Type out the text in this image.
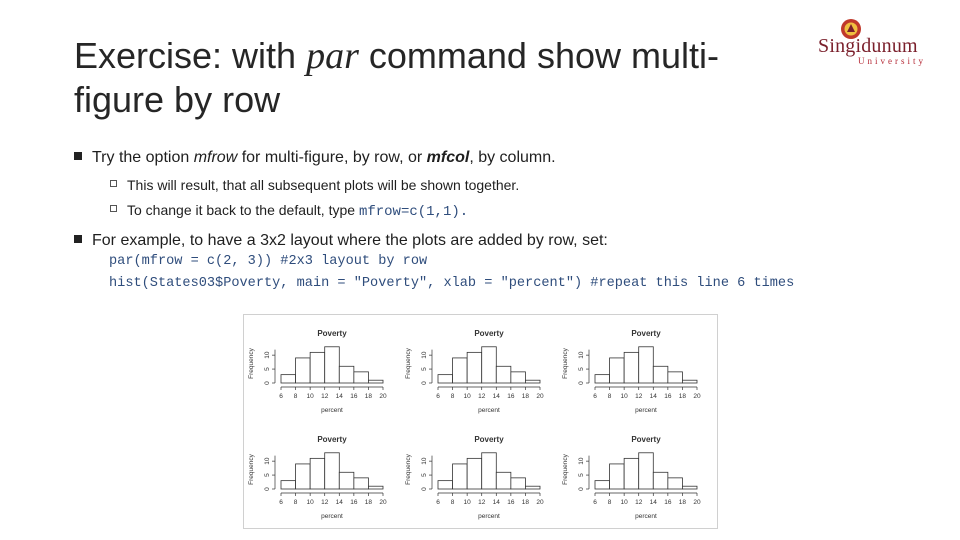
Exercise: with par command show multi-figure by row
Singidunum
University
Try the option mfrow for multi-figure, by row, or mfcol, by column.
This will result, that all subsequent plots will be shown together.
To change it back to the default, type mfrow=c(1,1).
For example, to have a 3x2 layout where the plots are added by row, set:
par(mfrow = c(2, 3)) #2x3 layout by row
hist(States03$Poverty, main = "Poverty", xlab = "percent") #repeat this line 6 times
Poverty
6 8 10 12 14 16 18 20
percent
0
5
10
Frequency
Poverty
6 8 10 12 14 16 18 20
percent
0
5
10
Frequency
Poverty
6 8 10 12 14 16 18 20
percent
0
5
10
Frequency
Poverty
6 8 10 12 14 16 18 20
percent
0
5
10
Frequency
Poverty
6 8 10 12 14 16 18 20
percent
0
5
10
Frequency
Poverty
6 8 10 12 14 16 18 20
percent
0
5
10
Frequency
